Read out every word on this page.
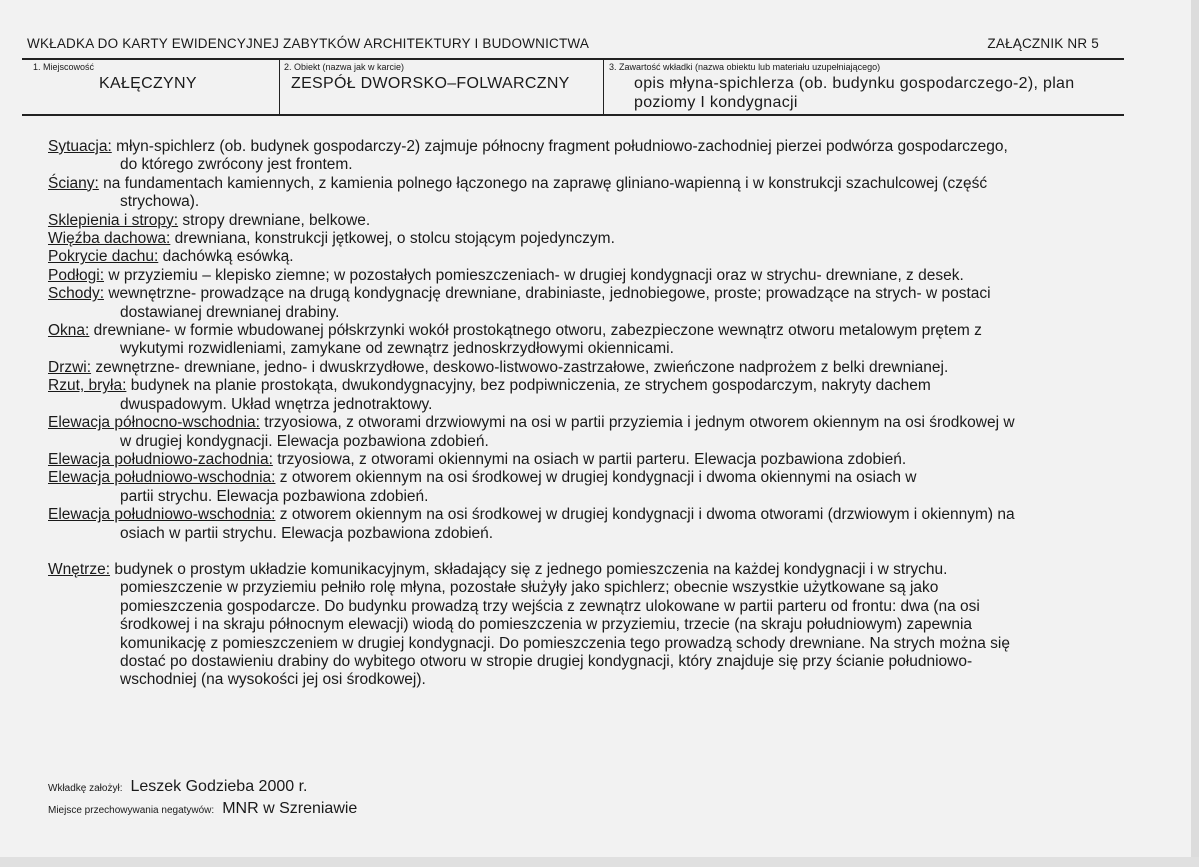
WKŁADKA DO KARTY EWIDENCYJNEJ ZABYTKÓW ARCHITEKTURY I BUDOWNICTWA	ZAŁĄCZNIK NR 5
1. Miejscowość
KAŁĘCZYNY
2. Obiekt (nazwa jak w karcie)
ZESPÓŁ DWORSKO–FOLWARCZNY
3. Zawartość wkładki (nazwa obiektu lub materiału uzupełniającego)
opis młyna-spichlerza (ob. budynku gospodarczego-2), plan
poziomy I kondygnacji
Sytuacja: młyn-spichlerz (ob. budynek gospodarczy-2) zajmuje północny fragment południowo-zachodniej pierzei podwórza gospodarczego,
do którego zwrócony jest frontem.
Ściany: na fundamentach kamiennych, z kamienia polnego łączonego na zaprawę gliniano-wapienną i w konstrukcji szachulcowej (część
strychowa).
Sklepienia i stropy: stropy drewniane, belkowe.
Więźba dachowa: drewniana, konstrukcji jętkowej, o stolcu stojącym pojedynczym.
Pokrycie dachu: dachówką esówką.
Podłogi: w przyziemiu – klepisko ziemne; w pozostałych pomieszczeniach- w drugiej kondygnacji oraz w strychu- drewniane, z desek.
Schody: wewnętrzne- prowadzące na drugą kondygnację drewniane, drabiniaste, jednobiegowe, proste; prowadzące na strych- w postaci
dostawianej drewnianej drabiny.
Okna: drewniane- w formie wbudowanej półskrzynki wokół prostokątnego otworu, zabezpieczone wewnątrz otworu metalowym prętem z
wykutymi rozwidleniami, zamykane od zewnątrz jednoskrzydłowymi okiennicami.
Drzwi: zewnętrzne- drewniane, jedno- i dwuskrzydłowe, deskowo-listwowo-zastrzałowe, zwieńczone nadprożem z belki drewnianej.
Rzut, bryła: budynek na planie prostokąta, dwukondygnacyjny, bez podpiwniczenia, ze strychem gospodarczym, nakryty dachem
dwuspadowym. Układ wnętrza jednotraktowy.
Elewacja północno-wschodnia: trzyosiowa, z otworami drzwiowymi na osi w partii przyziemia i jednym otworem okiennym na osi środkowej w
w drugiej kondygnacji. Elewacja pozbawiona zdobień.
Elewacja południowo-zachodnia: trzyosiowa, z otworami okiennymi na osiach w partii parteru. Elewacja pozbawiona zdobień.
Elewacja południowo-wschodnia: z otworem okiennym na osi środkowej w drugiej kondygnacji i dwoma okiennymi na osiach w
partii strychu. Elewacja pozbawiona zdobień.
Elewacja południowo-wschodnia: z otworem okiennym na osi środkowej w drugiej kondygnacji i dwoma otworami (drzwiowym i okiennym) na
osiach w partii strychu. Elewacja pozbawiona zdobień.
Wnętrze: budynek o prostym układzie komunikacyjnym, składający się z jednego pomieszczenia na każdej kondygnacji i w strychu.
pomieszczenie w przyziemiu pełniło rolę młyna, pozostałe służyły jako spichlerz; obecnie wszystkie użytkowane są jako
pomieszczenia gospodarcze. Do budynku prowadzą trzy wejścia z zewnątrz ulokowane w partii parteru od frontu: dwa (na osi
środkowej i na skraju północnym elewacji) wiodą do pomieszczenia w przyziemiu, trzecie (na skraju południowym) zapewnia
komunikację z pomieszczeniem w drugiej kondygnacji. Do pomieszczenia tego prowadzą schody drewniane. Na strych można się
dostać po dostawieniu drabiny do wybitego otworu w stropie drugiej kondygnacji, który znajduje się przy ścianie południowo-
wschodniej (na wysokości jej osi środkowej).
Wkładkę założył: Leszek Godzieba 2000 r.
Miejsce przechowywania negatywów: MNR w Szreniawie
